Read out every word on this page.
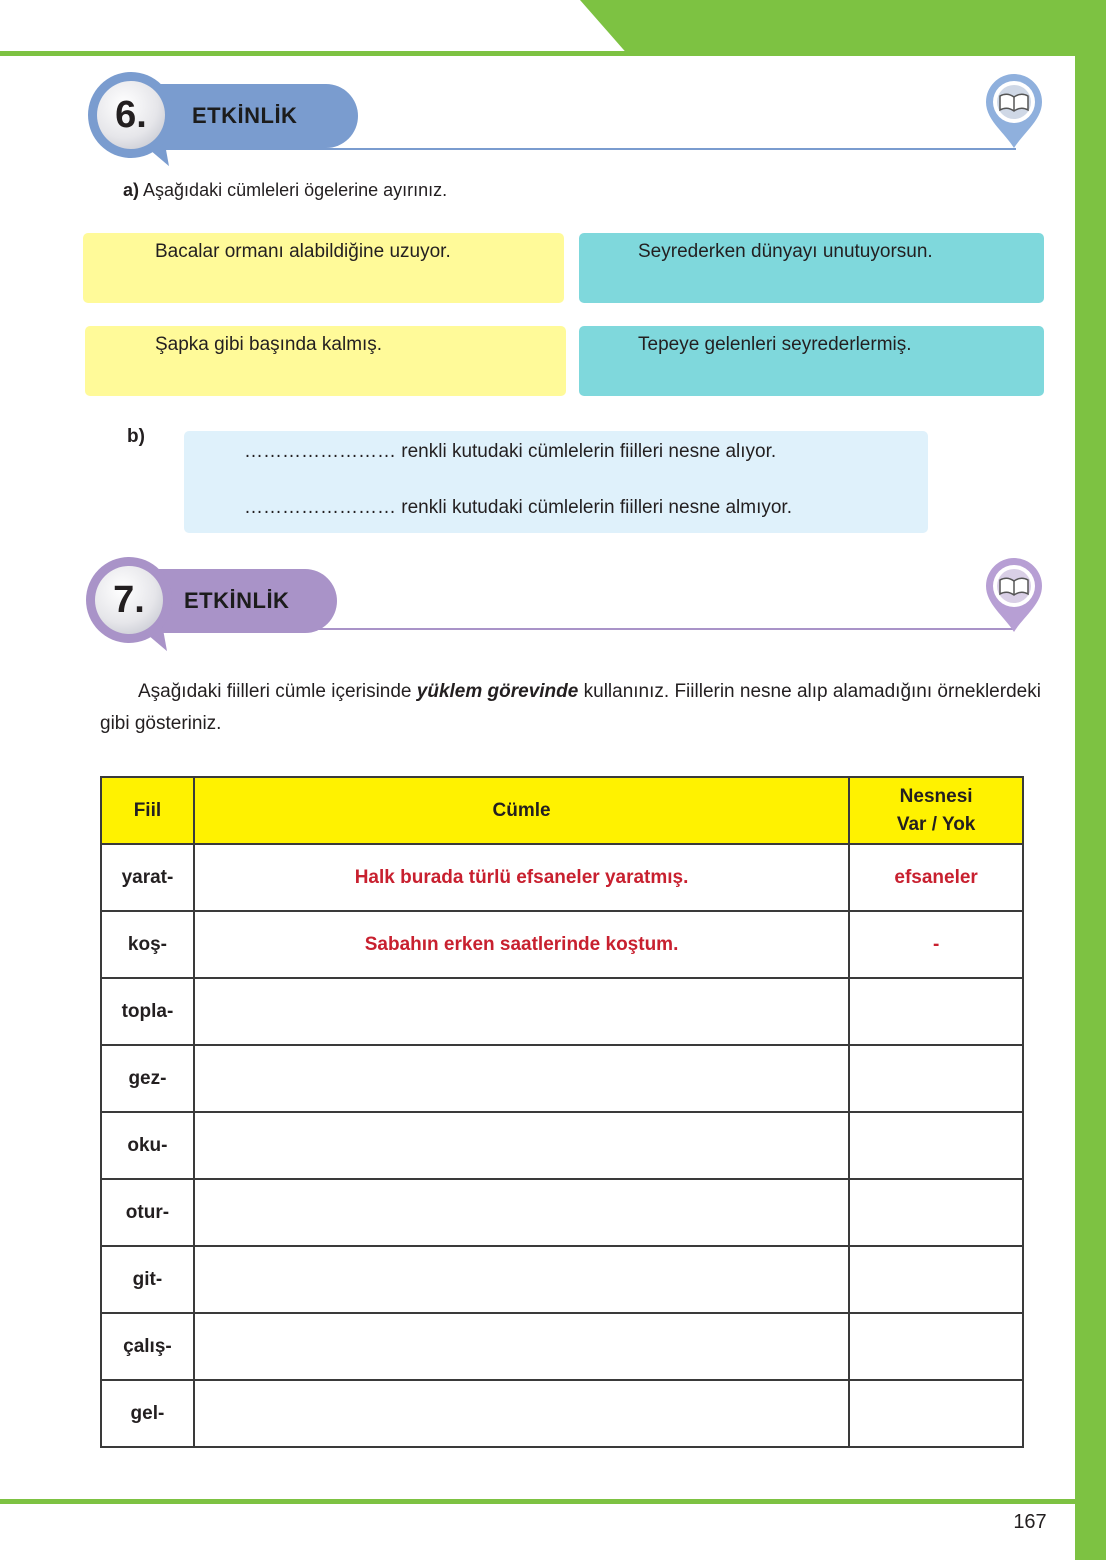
167
ETKİNLİK
6.
a) Aşağıdaki cümleleri ögelerine ayırınız.
Bacalar ormanı alabildiğine uzuyor.	Seyrederken dünyayı unutuyorsun.
Şapka gibi başında kalmış.	Tepeye gelenleri seyrederlermiş.
b)
…………………… renkli kutudaki cümlelerin fiilleri nesne alıyor.
…………………… renkli kutudaki cümlelerin fiilleri nesne almıyor.
ETKİNLİK
7.
Aşağıdaki fiilleri cümle içerisinde yüklem görevinde kullanınız. Fiillerin nesne alıp alamadığını örneklerdeki gibi gösteriniz.
Fiil	Cümle	Nesnesi
Var / Yok
yarat-	Halk burada türlü efsaneler yaratmış.	efsaneler
koş-	Sabahın erken saatlerinde koştum.	-
topla-		
gez-		
oku-		
otur-		
git-		
çalış-		
gel-		
